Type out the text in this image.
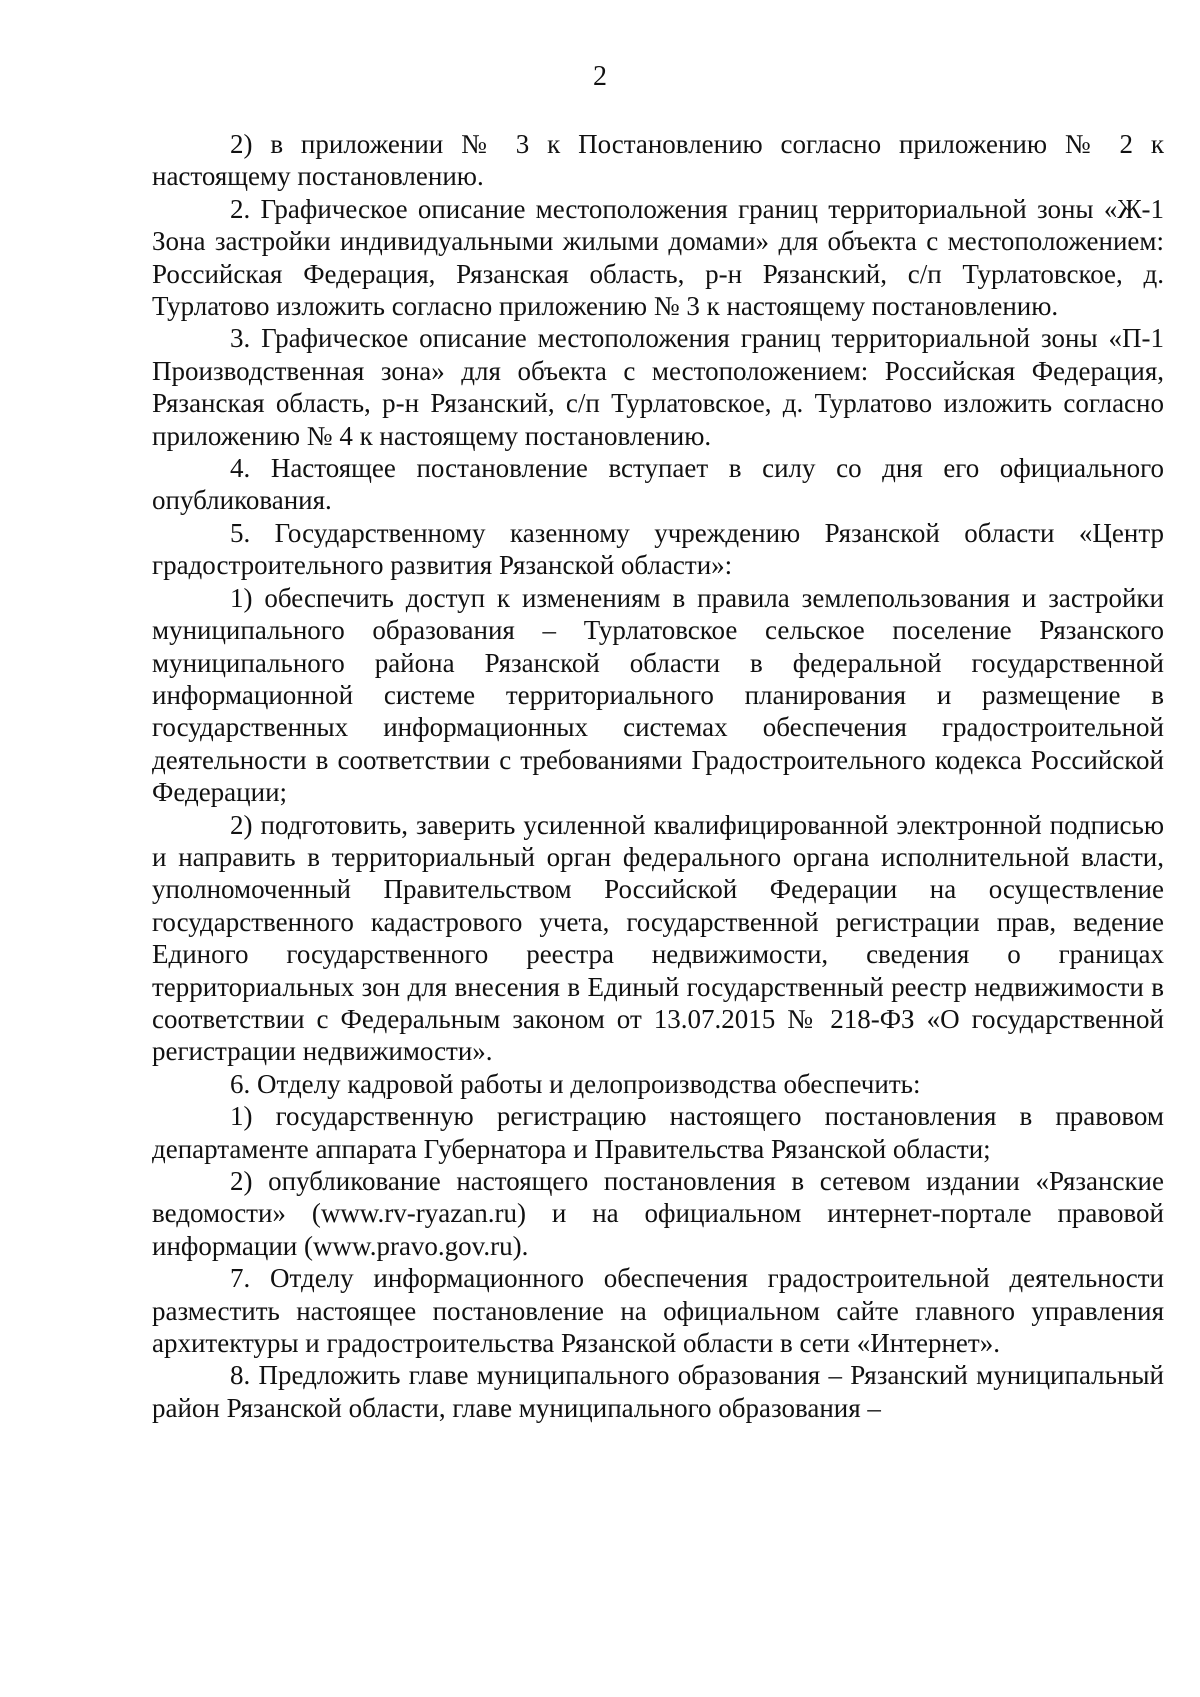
2

2) в приложении № 3 к Постановлению согласно приложению № 2 к настоящему постановлению.

2. Графическое описание местоположения границ территориальной зоны «Ж-1 Зона застройки индивидуальными жилыми домами» для объекта с местоположением: Российская Федерация, Рязанская область, р-н Рязанский, с/п Турлатовское, д. Турлатово изложить согласно приложению № 3 к настоящему постановлению.

3. Графическое описание местоположения границ территориальной зоны «П-1 Производственная зона» для объекта с местоположением: Российская Федерация, Рязанская область, р-н Рязанский, с/п Турлатовское, д. Турлатово изложить согласно приложению № 4 к настоящему постановлению.

4. Настоящее постановление вступает в силу со дня его официального опубликования.

5. Государственному казенному учреждению Рязанской области «Центр градостроительного развития Рязанской области»:

1) обеспечить доступ к изменениям в правила землепользования и застройки муниципального образования – Турлатовское сельское поселение Рязанского муниципального района Рязанской области в федеральной государственной информационной системе территориального планирования и размещение в государственных информационных системах обеспечения градостроительной деятельности в соответствии с требованиями Градостроительного кодекса Российской Федерации;

2) подготовить, заверить усиленной квалифицированной электронной подписью и направить в территориальный орган федерального органа исполнительной власти, уполномоченный Правительством Российской Федерации на осуществление государственного кадастрового учета, государственной регистрации прав, ведение Единого государственного реестра недвижимости, сведения о границах территориальных зон для внесения в Единый государственный реестр недвижимости в соответствии с Федеральным законом от 13.07.2015 № 218-ФЗ «О государственной регистрации недвижимости».

6. Отделу кадровой работы и делопроизводства обеспечить:

1) государственную регистрацию настоящего постановления в правовом департаменте аппарата Губернатора и Правительства Рязанской области;

2) опубликование настоящего постановления в сетевом издании «Рязанские ведомости» (www.rv-ryazan.ru) и на официальном интернет-портале правовой информации (www.pravo.gov.ru).

7. Отделу информационного обеспечения градостроительной деятельности разместить настоящее постановление на официальном сайте главного управления архитектуры и градостроительства Рязанской области в сети «Интернет».

8. Предложить главе муниципального образования – Рязанский муниципальный район Рязанской области, главе муниципального образования –
